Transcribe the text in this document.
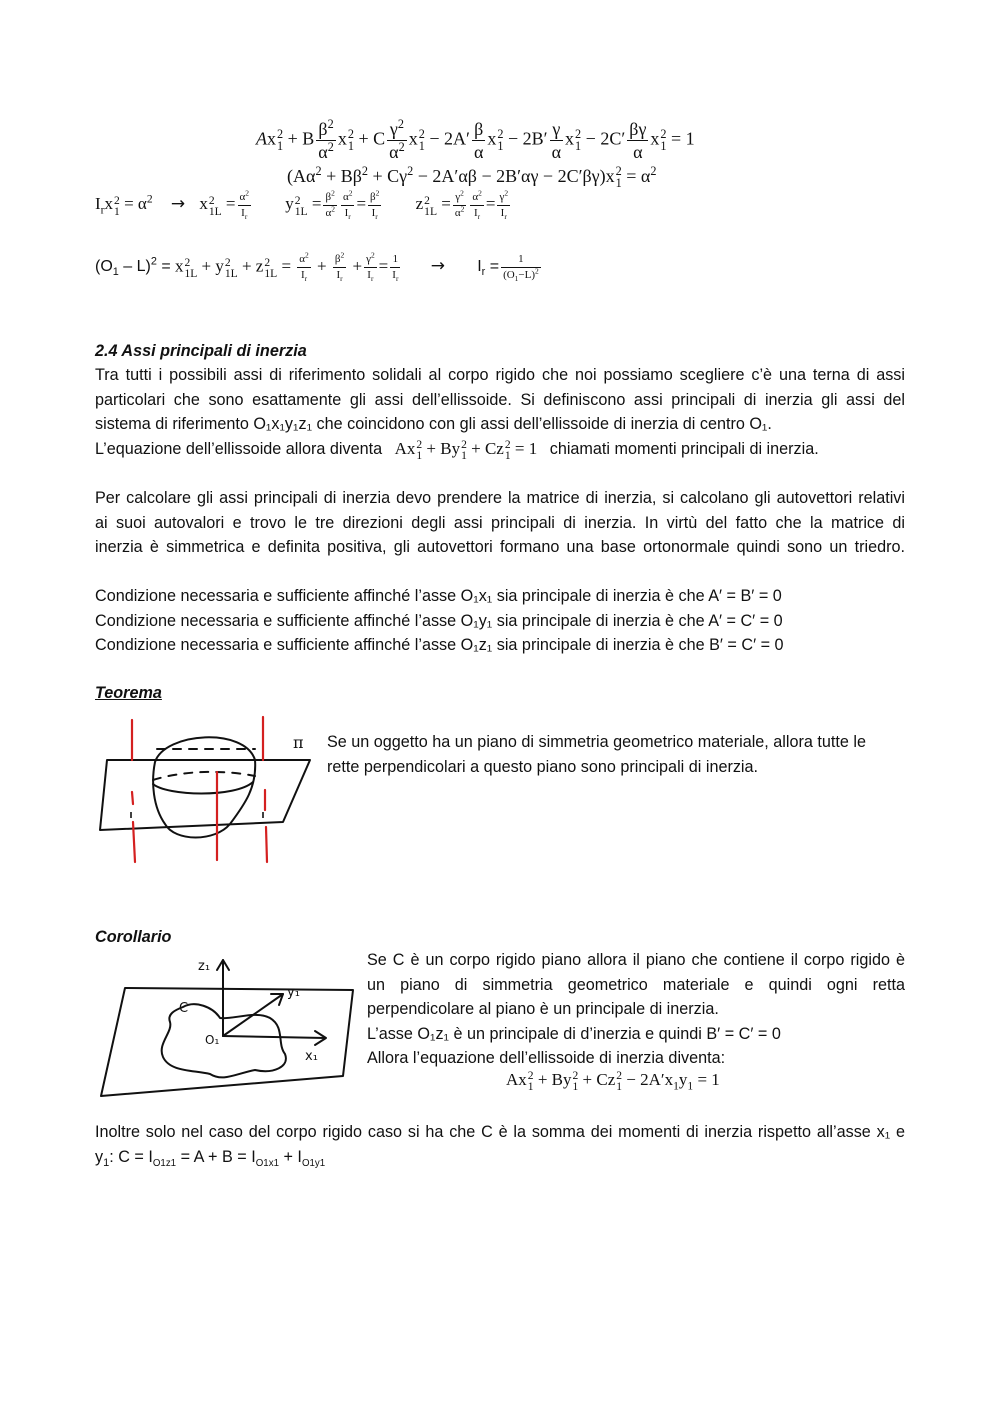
Ax 2
1 + B $\frac{\beta^2}{\alpha^2}$ x 2
1 + C $\frac{\gamma^2}{\alpha^2}$ x 2
$1 - 2A' \frac{\beta}{\alpha}$ x 2
$1 - 2B' \frac{\gamma}{\alpha}$ x 2
$1 - 2C' \frac{\beta\gamma}{\alpha}$ x 2
1 = 1
$(A\alpha^2 + B\beta^2 + C\gamma^2 - 2A'\alpha\beta - 2B'\alpha\gamma - 2C'\beta\gamma)x$ 2
$1 = \alpha^2$
$I_rx$ 2
$1 = \alpha^2 \to x$ 2
$1L = \frac{\alpha^2}{I_r}$ y 2
$1L = \frac{\beta^2}{\alpha^2} \frac{\alpha^2}{I_r} = \frac{\beta^2}{I_r}$ z 2
$1L = \frac{\gamma^2}{\alpha^2} \frac{\alpha^2}{I_r} = \frac{\gamma^2}{I_r}$
$(O_1 - L)^2 = x$ 2
1L + y 2
1L + z 2
$1L = \frac{\alpha^2}{I_r} + \frac{\beta^2}{I_r} + \frac{\gamma^2}{I_r} = \frac{1}{I_r} \to I_r = \frac{1}{(O_1-L)^2}$
2.4 Assi principali di inerzia
Tra tutti i possibili assi di riferimento solidali al corpo rigido che noi possiamo scegliere c’è una terna di assi
particolari che sono esattamente gli assi dell’ellissoide. Si definiscono assi principali di inerzia gli assi del
sistema di riferimento O₁x₁y₁z₁ che coincidono con gli assi dell’ellissoide di inerzia di centro O₁.
L’equazione dell’ellissoide allora diventa Ax 2
1 + By 2
1 + Cz 2
1 = 1 chiamati momenti principali di inerzia.
Per calcolare gli assi principali di inerzia devo prendere la matrice di inerzia, si calcolano gli autovettori relativi
ai suoi autovalori e trovo le tre direzioni degli assi principali di inerzia. In virtù del fatto che la matrice di
inerzia è simmetrica e definita positiva, gli autovettori formano una base ortonormale quindi sono un triedro.
Condizione necessaria e sufficiente affinché l’asse O₁x₁ sia principale di inerzia è che A′ = B′ = 0
Condizione necessaria e sufficiente affinché l’asse O₁y₁ sia principale di inerzia è che A′ = C′ = 0
Condizione necessaria e sufficiente affinché l’asse O₁z₁ sia principale di inerzia è che B′ = C′ = 0
Teorema
π Se un oggetto ha un piano di simmetria geometrico materiale, allora tutte le
rette perpendicolari a questo piano sono principali di inerzia.
Corollario
z₁
y₁
x₁
O₁
C
Se C è un corpo rigido piano allora il piano che contiene il corpo rigido è
un piano di simmetria geometrico materiale e quindi ogni retta
perpendicolare al piano è un principale di inerzia.
L’asse O₁z₁ è un principale di d’inerzia e quindi B′ = C′ = 0
Allora l’equazione dell’ellissoide di inerzia diventa:
Ax 2
1 + By 2
1 + Cz 2
$1 - 2A'x_1y_1 = 1$
Inoltre solo nel caso del corpo rigido caso si ha che C è la somma dei momenti di inerzia rispetto all’asse x₁ e
$y_1$: $C = I_{O1z1} = A + B = I_{O1x1} + I_{O1y1}$
